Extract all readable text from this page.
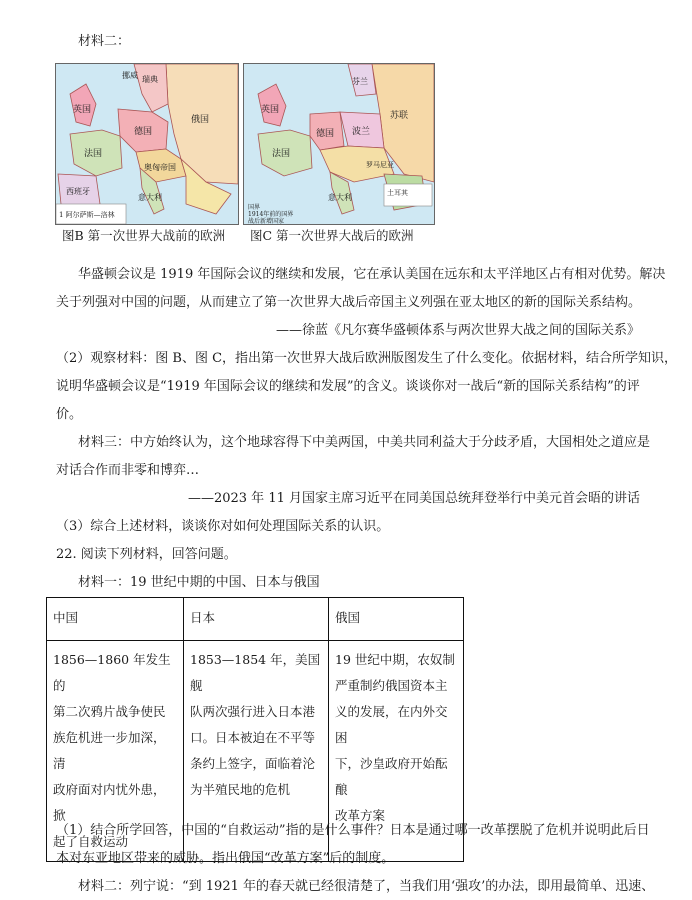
材料二：
俄国
德国
法国
英国
意大利
奥匈帝国
瑞典
挪威
西班牙
1 阿尔萨斯—洛林
苏联
德国
法国
英国
波兰
土耳其
罗马尼亚
芬兰
意大利
国界
1914年前的国界
战后新增国家
图B 第一次世界大战前的欧洲 图C 第一次世界大战后的欧洲
华盛顿会议是 1919 年国际会议的继续和发展，它在承认美国在远东和太平洋地区占有相对优势。解决
关于列强对中国的问题，从而建立了第一次世界大战后帝国主义列强在亚太地区的新的国际关系结构。
——徐蓝《凡尔赛华盛顿体系与两次世界大战之间的国际关系》
（2）观察材料：图 B、图 C，指出第一次世界大战后欧洲版图发生了什么变化。依据材料，结合所学知识，
说明华盛顿会议是“1919 年国际会议的继续和发展”的含义。谈谈你对一战后“新的国际关系结构”的评
价。
材料三：中方始终认为，这个地球容得下中美两国，中美共同利益大于分歧矛盾，大国相处之道应是
对话合作而非零和博弈…
——2023 年 11 月国家主席习近平在同美国总统拜登举行中美元首会晤的讲话
（3）综合上述材料，谈谈你对如何处理国际关系的认识。
22. 阅读下列材料，回答问题。
材料一：19 世纪中期的中国、日本与俄国
中国	日本	俄国
1856—1860 年发生的
第二次鸦片战争使民
族危机进一步加深，清
政府面对内忧外患，掀
起了自救运动	1853—1854 年，美国舰
队两次强行进入日本港
口。日本被迫在不平等
条约上签字，面临着沦
为半殖民地的危机	19 世纪中期，农奴制
严重制约俄国资本主
义的发展，在内外交困
下，沙皇政府开始酝酿
改革方案
（1）结合所学回答，中国的“自救运动”指的是什么事件？日本是通过哪一改革摆脱了危机并说明此后日
本对东亚地区带来的威胁。指出俄国“改革方案”后的制度。
材料二：列宁说：“到 1921 年的春天就已经很清楚了，当我们用‘强攻’的办法，即用最简单、迅速、
